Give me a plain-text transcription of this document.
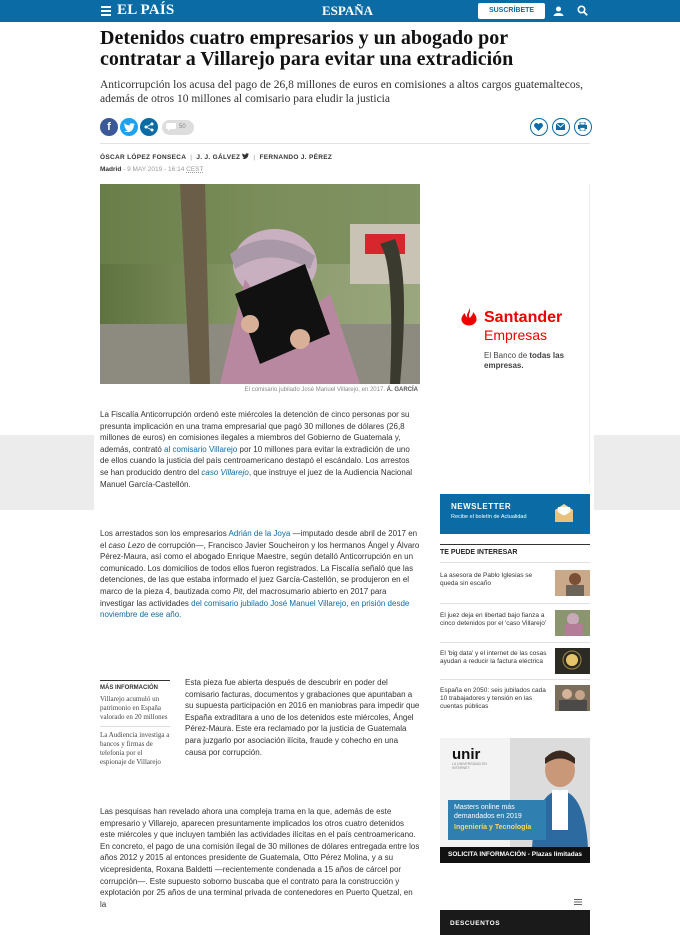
EL PAÍS	ESPAÑA	SUSCRÍBETE
Detenidos cuatro empresarios y un abogado por contratar a Villarejo para evitar una extradición

Anticorrupción los acusa del pago de 26,8 millones de euros en comisiones a altos cargos guatemaltecos, además de otros 10 millones al comisario para eludir la justicia

f	50
ÓSCAR LÓPEZ FONSECA | J. J. GÁLVEZ | FERNANDO J. PÉREZ
Madrid - 9 MAY 2019 - 16:14 CEST
El comisario jubilado José Manuel Villarejo, en 2017. Á. GARCÍA

La Fiscalía Anticorrupción ordenó este miércoles la detención de cinco personas por su presunta implicación en una trama empresarial que pagó 30 millones de dólares (26,8 millones de euros) en comisiones ilegales a miembros del Gobierno de Guatemala y, además, contrató al comisario Villarejo por 10 millones para evitar la extradición de uno de ellos cuando la justicia del país centroamericano destapó el escándalo. Los arrestos se han producido dentro del caso Villarejo, que instruye el juez de la Audiencia Nacional Manuel García-Castellón.

Los arrestados son los empresarios Adrián de la Joya —imputado desde abril de 2017 en el caso Lezo de corrupción—, Francisco Javier Soucheiron y los hermanos Ángel y Álvaro Pérez-Maura, así como el abogado Enrique Maestre, según detalló Anticorrupción en un comunicado. Los domicilios de todos ellos fueron registrados. La Fiscalía señaló que las detenciones, de las que estaba informado el juez García-Castellón, se produjeron en el marco de la pieza 4, bautizada como Pit, del macrosumario abierto en 2017 para investigar las actividades del comisario jubilado José Manuel Villarejo, en prisión desde noviembre de ese año.

MÁS INFORMACIÓN
Villarejo acumuló un patrimonio en España valorado en 20 millones
La Audiencia investiga a bancos y firmas de telefonía por el espionaje de Villarejo

Esta pieza fue abierta después de descubrir en poder del comisario facturas, documentos y grabaciones que apuntaban a su supuesta participación en 2016 en maniobras para impedir que España extraditara a uno de los detenidos este miércoles, Ángel Pérez-Maura. Este era reclamado por la justicia de Guatemala para juzgarlo por asociación ilícita, fraude y cohecho en una causa por corrupción.

Las pesquisas han revelado ahora una compleja trama en la que, además de este empresario y Villarejo, aparecen presuntamente implicados los otros cuatro detenidos este miércoles y que incluyen también las actividades ilícitas en el país centroamericano. En concreto, el pago de una comisión ilegal de 30 millones de dólares entregada entre los años 2012 y 2015 al entonces presidente de Guatemala, Otto Pérez Molina, y a su vicepresidenta, Roxana Baldetti —recientemente condenada a 15 años de cárcel por corrupción—. Este supuesto soborno buscaba que el contrato para la construcción y explotación por 25 años de una terminal privada de contenedores en Puerto Quetzal, en la

Santander
Empresas
El Banco de todas las empresas.
NEWSLETTER
Recibe el boletín de Actualidad
TE PUEDE INTERESAR
La asesora de Pablo Iglesias se queda sin escaño
El juez deja en libertad bajo fianza a cinco detenidos por el 'caso Villarejo'
El 'big data' y el internet de las cosas ayudan a reducir la factura eléctrica
España en 2050: seis jubilados cada 10 trabajadores y tensión en las cuentas públicas
unir
LA UNIVERSIDAD EN INTERNET
Masters online más demandados en 2019
Ingeniería y Tecnología
SOLICITA INFORMACIÓN - Plazas limitadas
DESCUENTOS
